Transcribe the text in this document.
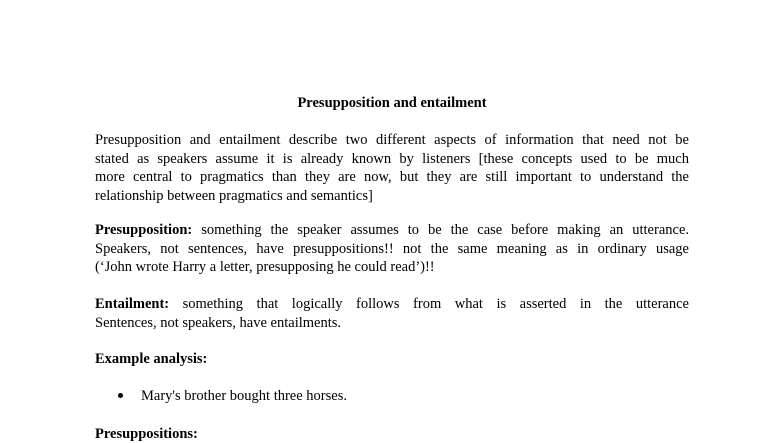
Presupposition and entailment

Presupposition and entailment describe two different aspects of information that need not be
stated as speakers assume it is already known by listeners [these concepts used to be much
more central to pragmatics than they are now, but they are still important to understand the
relationship between pragmatics and semantics]

Presupposition: something the speaker assumes to be the case before making an utterance.
Speakers, not sentences, have presuppositions!! not the same meaning as in ordinary usage
(‘John wrote Harry a letter, presupposing he could read’)!!

Entailment: something that logically follows from what is asserted in the utterance
Sentences, not speakers, have entailments.

Example analysis:
Mary's brother bought three horses.
Presuppositions:
